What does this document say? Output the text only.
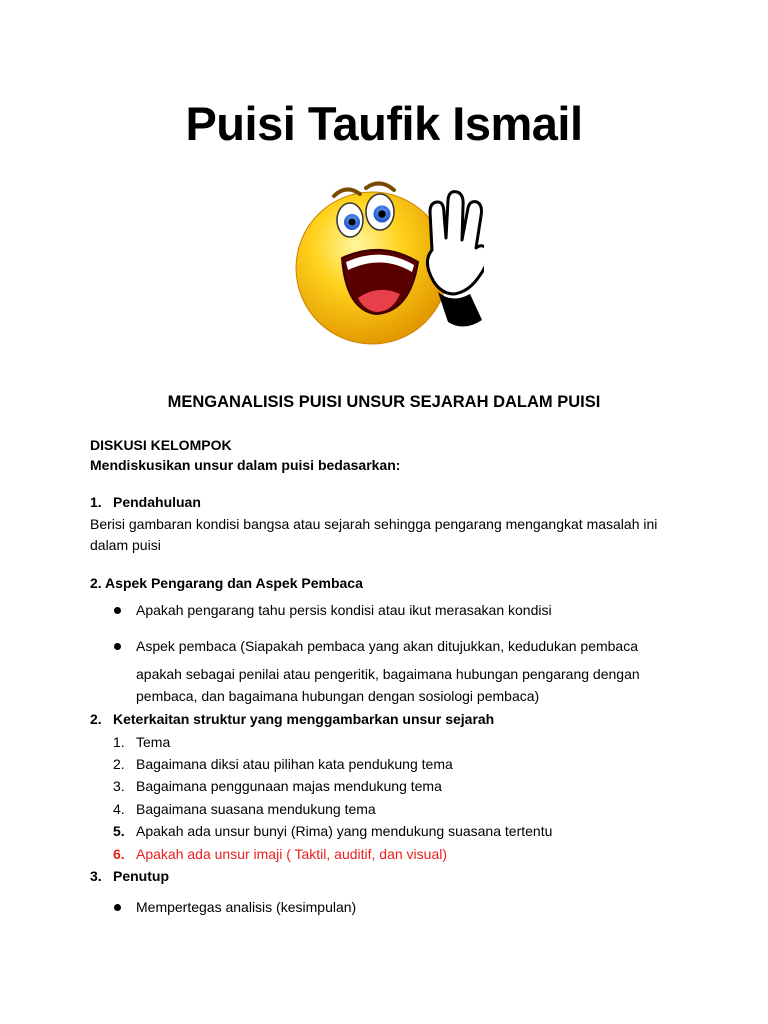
Puisi Taufik Ismail
MENGANALISIS PUISI UNSUR SEJARAH DALAM PUISI
DISKUSI KELOMPOK
Mendiskusikan unsur dalam puisi bedasarkan:
1. Pendahuluan
Berisi gambaran kondisi bangsa atau sejarah sehingga pengarang mengangkat masalah ini
dalam puisi
2. Aspek Pengarang dan Aspek Pembaca
Apakah pengarang tahu persis kondisi atau ikut merasakan kondisi
Aspek pembaca (Siapakah pembaca yang akan ditujukkan, kedudukan pembaca
apakah sebagai penilai atau pengeritik, bagaimana hubungan pengarang dengan
pembaca, dan bagaimana hubungan dengan sosiologi pembaca)
2. Keterkaitan struktur yang menggambarkan unsur sejarah
1. Tema
2. Bagaimana diksi atau pilihan kata pendukung tema
3. Bagaimana penggunaan majas mendukung tema
4. Bagaimana suasana mendukung tema
5. Apakah ada unsur bunyi (Rima) yang mendukung suasana tertentu
6. Apakah ada unsur imaji ( Taktil, auditif, dan visual)
3. Penutup
Mempertegas analisis (kesimpulan)
